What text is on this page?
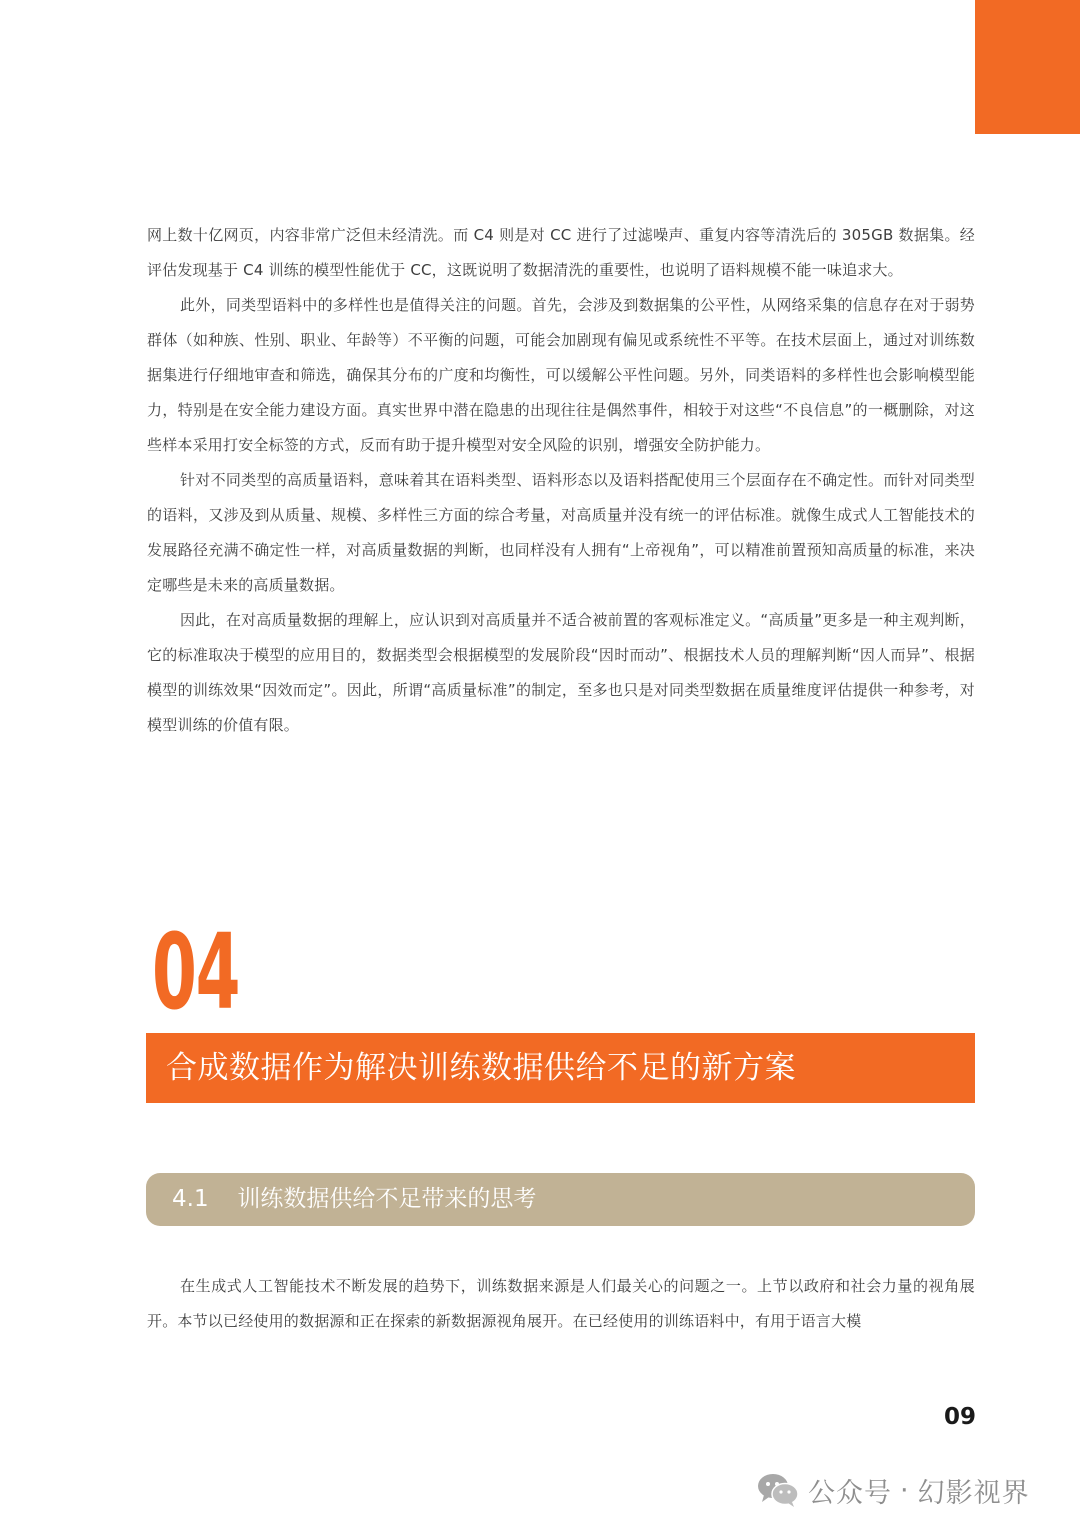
网上数十亿网页，内容非常广泛但未经清洗。而 C4 则是对 CC 进行了过滤噪声、重复内容等清洗后的 305GB 数据集。经评估发现基于 C4 训练的模型性能优于 CC，这既说明了数据清洗的重要性，也说明了语料规模不能一味追求大。

此外，同类型语料中的多样性也是值得关注的问题。首先，会涉及到数据集的公平性，从网络采集的信息存在对于弱势群体（如种族、性别、职业、年龄等）不平衡的问题，可能会加剧现有偏见或系统性不平等。在技术层面上，通过对训练数据集进行仔细地审查和筛选，确保其分布的广度和均衡性，可以缓解公平性问题。另外，同类语料的多样性也会影响模型能力，特别是在安全能力建设方面。真实世界中潜在隐患的出现往往是偶然事件，相较于对这些“不良信息”的一概删除，对这些样本采用打安全标签的方式，反而有助于提升模型对安全风险的识别，增强安全防护能力。

针对不同类型的高质量语料，意味着其在语料类型、语料形态以及语料搭配使用三个层面存在不确定性。而针对同类型的语料，又涉及到从质量、规模、多样性三方面的综合考量，对高质量并没有统一的评估标准。就像生成式人工智能技术的发展路径充满不确定性一样，对高质量数据的判断，也同样没有人拥有“上帝视角”，可以精准前置预知高质量的标准，来决定哪些是未来的高质量数据。

因此，在对高质量数据的理解上，应认识到对高质量并不适合被前置的客观标准定义。“高质量”更多是一种主观判断，它的标准取决于模型的应用目的，数据类型会根据模型的发展阶段“因时而动”、根据技术人员的理解判断“因人而异”、根据模型的训练效果“因效而定”。因此，所谓“高质量标准”的制定，至多也只是对同类型数据在质量维度评估提供一种参考，对模型训练的价值有限。

04
合成数据作为解决训练数据供给不足的新方案
4.1 训练数据供给不足带来的思考

在生成式人工智能技术不断发展的趋势下，训练数据来源是人们最关心的问题之一。上节以政府和社会力量的视角展开。本节以已经使用的数据源和正在探索的新数据源视角展开。在已经使用的训练语料中，有用于语言大模

09
公众号 · 幻影视界
